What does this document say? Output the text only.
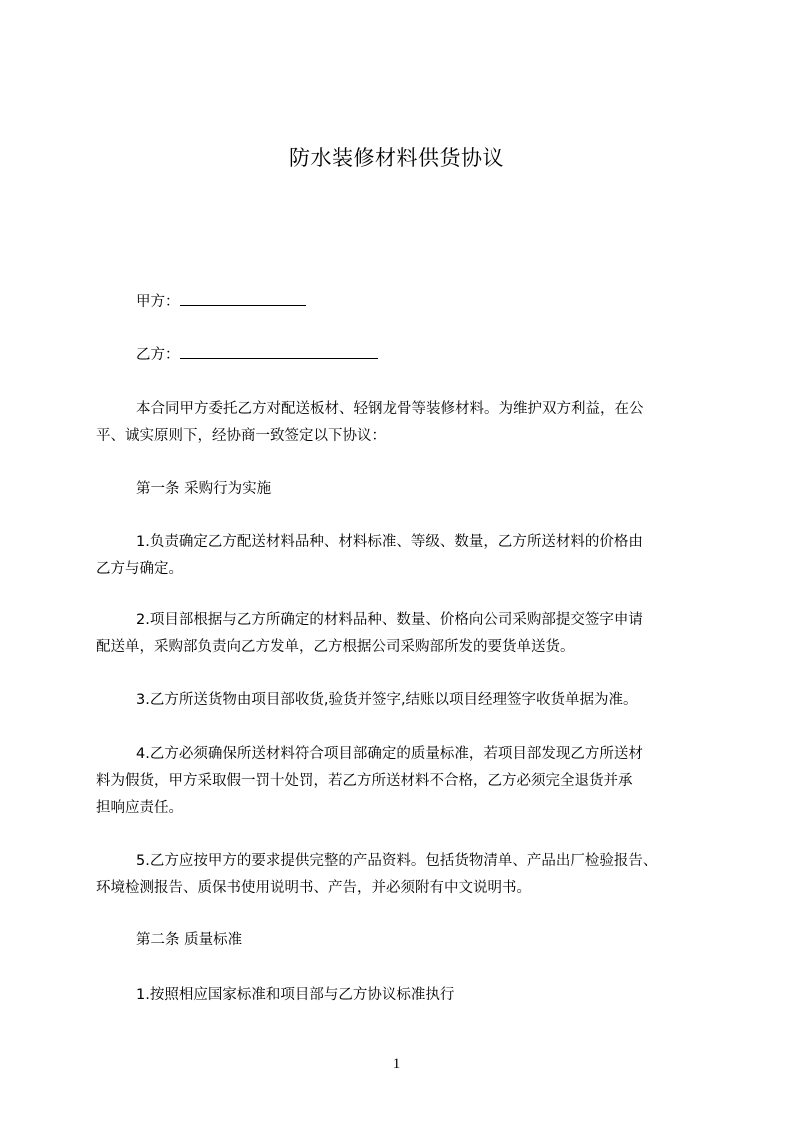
防水装修材料供货协议
甲方：
乙方：

本合同甲方委托乙方对配送板材、轻钢龙骨等装修材料。为维护双方利益，在公

平、诚实原则下，经协商一致签定以下协议：

第一条 采购行为实施

1.负责确定乙方配送材料品种、材料标准、等级、数量，乙方所送材料的价格由

乙方与确定。

2.项目部根据与乙方所确定的材料品种、数量、价格向公司采购部提交签字申请

配送单，采购部负责向乙方发单，乙方根据公司采购部所发的要货单送货。

3.乙方所送货物由项目部收货,验货并签字,结账以项目经理签字收货单据为准。

4.乙方必须确保所送材料符合项目部确定的质量标准，若项目部发现乙方所送材

料为假货，甲方采取假一罚十处罚，若乙方所送材料不合格，乙方必须完全退货并承

担响应责任。

5.乙方应按甲方的要求提供完整的产品资料。包括货物清单、产品出厂检验报告、

环境检测报告、质保书使用说明书、产告，并必须附有中文说明书。

第二条 质量标准

1.按照相应国家标准和项目部与乙方协议标准执行

1
